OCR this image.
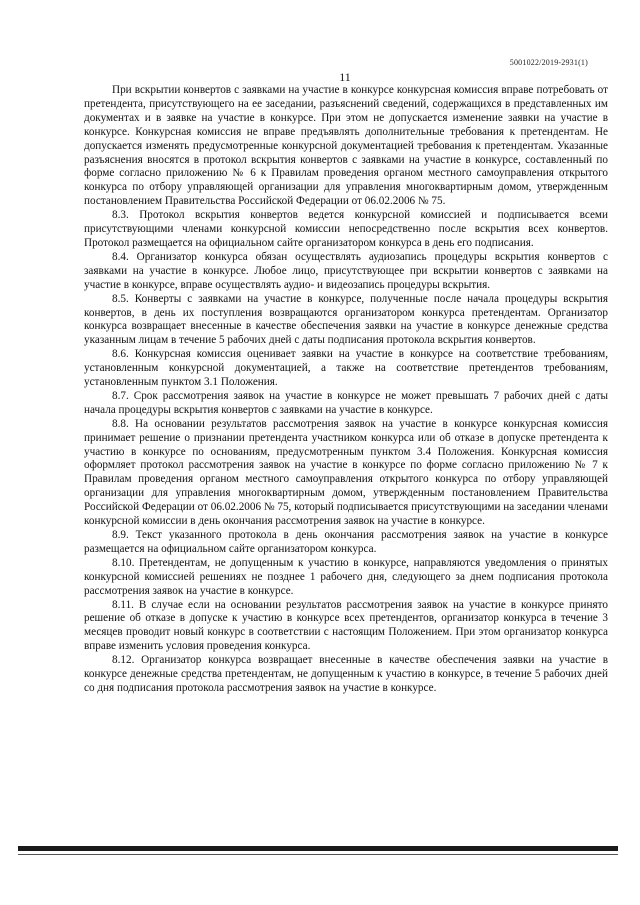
5001022/2019-2931(1)
11

При вскрытии конвертов с заявками на участие в конкурсе конкурсная комиссия вправе потребовать от претендента, присутствующего на ее заседании, разъяснений сведений, содержащихся в представленных им документах и в заявке на участие в конкурсе. При этом не допускается изменение заявки на участие в конкурсе. Конкурсная комиссия не вправе предъявлять дополнительные требования к претендентам. Не допускается изменять предусмотренные конкурсной документацией требования к претендентам. Указанные разъяснения вносятся в протокол вскрытия конвертов с заявками на участие в конкурсе, составленный по форме согласно приложению № 6 к Правилам проведения органом местного самоуправления открытого конкурса по отбору управляющей организации для управления многоквартирным домом, утвержденным постановлением Правительства Российской Федерации от 06.02.2006 № 75.

8.3. Протокол вскрытия конвертов ведется конкурсной комиссией и подписывается всеми присутствующими членами конкурсной комиссии непосредственно после вскрытия всех конвертов. Протокол размещается на официальном сайте организатором конкурса в день его подписания.

8.4. Организатор конкурса обязан осуществлять аудиозапись процедуры вскрытия конвертов с заявками на участие в конкурсе. Любое лицо, присутствующее при вскрытии конвертов с заявками на участие в конкурсе, вправе осуществлять аудио- и видеозапись процедуры вскрытия.

8.5. Конверты с заявками на участие в конкурсе, полученные после начала процедуры вскрытия конвертов, в день их поступления возвращаются организатором конкурса претендентам. Организатор конкурса возвращает внесенные в качестве обеспечения заявки на участие в конкурсе денежные средства указанным лицам в течение 5 рабочих дней с даты подписания протокола вскрытия конвертов.

8.6. Конкурсная комиссия оценивает заявки на участие в конкурсе на соответствие требованиям, установленным конкурсной документацией, а также на соответствие претендентов требованиям, установленным пунктом 3.1 Положения.

8.7. Срок рассмотрения заявок на участие в конкурсе не может превышать 7 рабочих дней с даты начала процедуры вскрытия конвертов с заявками на участие в конкурсе.

8.8. На основании результатов рассмотрения заявок на участие в конкурсе конкурсная комиссия принимает решение о признании претендента участником конкурса или об отказе в допуске претендента к участию в конкурсе по основаниям, предусмотренным пунктом 3.4 Положения. Конкурсная комиссия оформляет протокол рассмотрения заявок на участие в конкурсе по форме согласно приложению № 7 к Правилам проведения органом местного самоуправления открытого конкурса по отбору управляющей организации для управления многоквартирным домом, утвержденным постановлением Правительства Российской Федерации от 06.02.2006 № 75, который подписывается присутствующими на заседании членами конкурсной комиссии в день окончания рассмотрения заявок на участие в конкурсе.

8.9. Текст указанного протокола в день окончания рассмотрения заявок на участие в конкурсе размещается на официальном сайте организатором конкурса.

8.10. Претендентам, не допущенным к участию в конкурсе, направляются уведомления о принятых конкурсной комиссией решениях не позднее 1 рабочего дня, следующего за днем подписания протокола рассмотрения заявок на участие в конкурсе.

8.11. В случае если на основании результатов рассмотрения заявок на участие в конкурсе принято решение об отказе в допуске к участию в конкурсе всех претендентов, организатор конкурса в течение 3 месяцев проводит новый конкурс в соответствии с настоящим Положением. При этом организатор конкурса вправе изменить условия проведения конкурса.

8.12. Организатор конкурса возвращает внесенные в качестве обеспечения заявки на участие в конкурсе денежные средства претендентам, не допущенным к участию в конкурсе, в течение 5 рабочих дней со дня подписания протокола рассмотрения заявок на участие в конкурсе.
